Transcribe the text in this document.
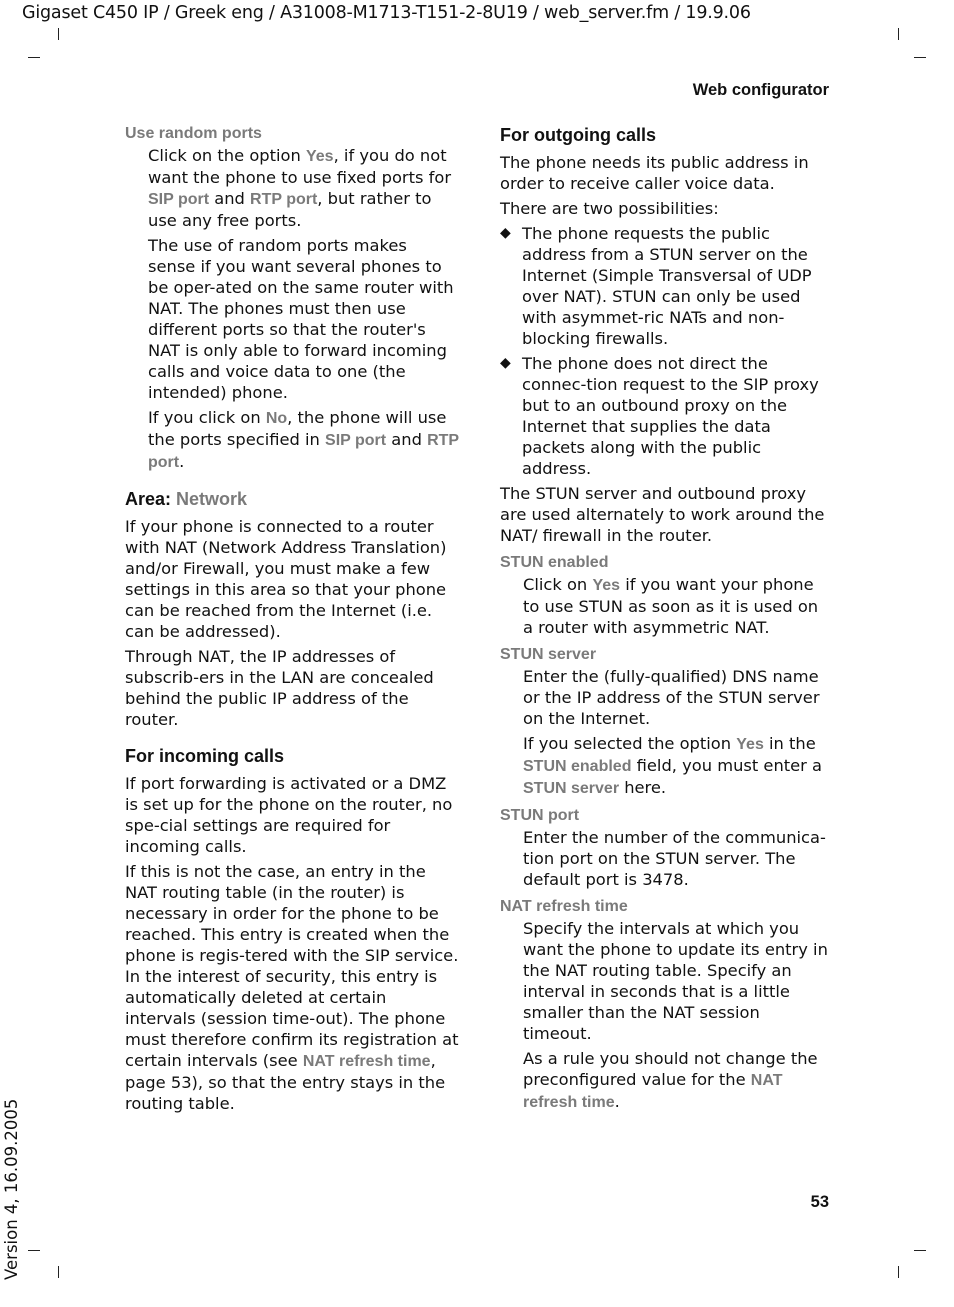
Gigaset C450 IP / Greek eng / A31008-M1713-T151-2-8U19 / web_server.fm / 19.9.06
Web configurator
Use random ports

Click on the option Yes, if you do not want the phone to use fixed ports for SIP port and RTP port, but rather to use any free ports.

The use of random ports makes sense if you want several phones to be oper-ated on the same router with NAT. The phones must then use different ports so that the router's NAT is only able to forward incoming calls and voice data to one (the intended) phone.

If you click on No, the phone will use the ports specified in SIP port and RTP port.

Area: Network

If your phone is connected to a router with NAT (Network Address Translation) and/or Firewall, you must make a few settings in this area so that your phone can be reached from the Internet (i.e. can be addressed).

Through NAT, the IP addresses of subscrib-ers in the LAN are concealed behind the public IP address of the router.

For incoming calls

If port forwarding is activated or a DMZ is set up for the phone on the router, no spe-cial settings are required for incoming calls.

If this is not the case, an entry in the NAT routing table (in the router) is necessary in order for the phone to be reached. This entry is created when the phone is regis-tered with the SIP service. In the interest of security, this entry is automatically deleted at certain intervals (session time-out). The phone must therefore confirm its registration at certain intervals (see NAT refresh time, page 53), so that the entry stays in the routing table.

For outgoing calls

The phone needs its public address in order to receive caller voice data.

There are two possibilities:

◆ The phone requests the public address from a STUN server on the Internet (Simple Transversal of UDP over NAT). STUN can only be used with asymmet-ric NATs and non-blocking firewalls.
◆ The phone does not direct the connec-tion request to the SIP proxy but to an outbound proxy on the Internet that supplies the data packets along with the public address.

The STUN server and outbound proxy are used alternately to work around the NAT/ firewall in the router.

STUN enabled

Click on Yes if you want your phone to use STUN as soon as it is used on a router with asymmetric NAT.

STUN server

Enter the (fully-qualified) DNS name or the IP address of the STUN server on the Internet.

If you selected the option Yes in the STUN enabled field, you must enter a STUN server here.

STUN port

Enter the number of the communica-tion port on the STUN server. The default port is 3478.

NAT refresh time

Specify the intervals at which you want the phone to update its entry in the NAT routing table. Specify an interval in seconds that is a little smaller than the NAT session timeout.

As a rule you should not change the preconfigured value for the NAT refresh time.

53
Version 4, 16.09.2005
